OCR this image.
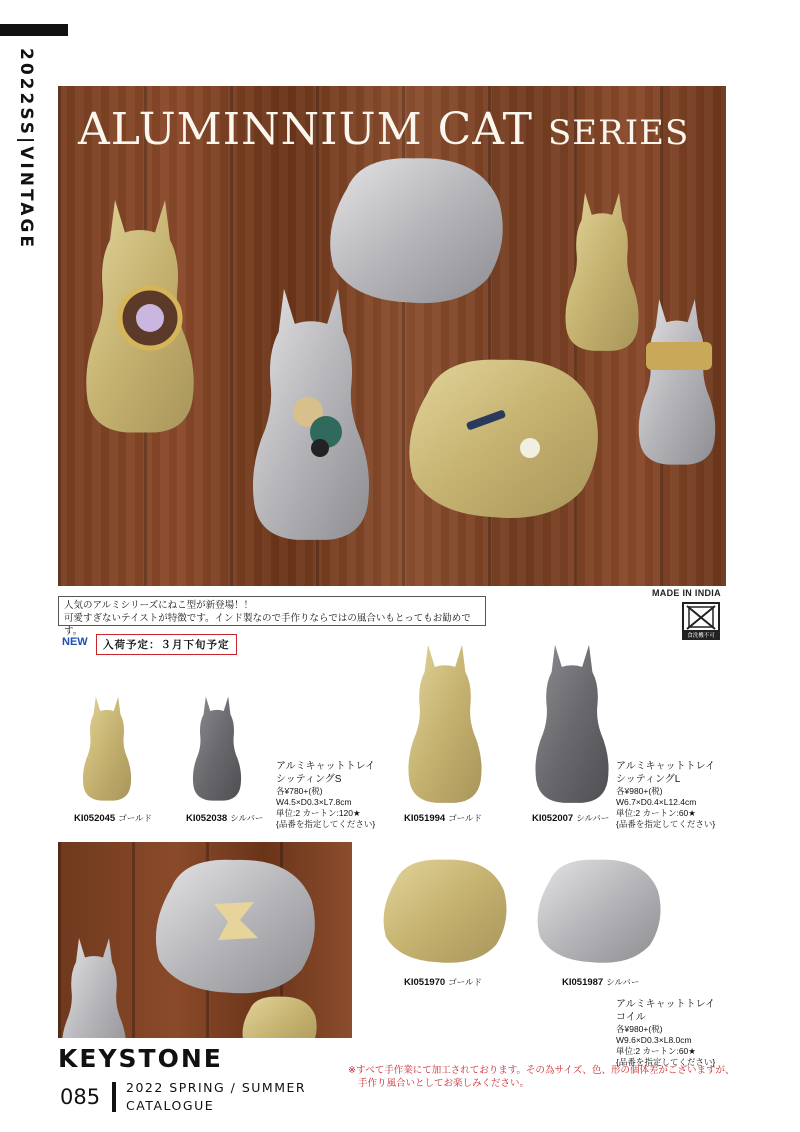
2022SS|VINTAGE ALUMINNIUM CAT SERIES
人気のアルミシリーズにねこ型が新登場！！
可愛すぎないテイストが特徴です。インド製なので手作りならではの風合いもとってもお勧めです。
MADE IN INDIA
食洗機不可
NEW	入荷予定：３月下旬予定
KI052045 ゴールド	KI052038 シルバー	KI051994 ゴールド	KI052007 シルバー
アルミキャットトレイ
シッティングS
各¥780+(税)
W4.5×D0.3×L7.8cm
単位:2 カートン:120★
{品番を指定してください}
アルミキャットトレイ
シッティングL
各¥980+(税)
W6.7×D0.4×L12.4cm
単位:2 カートン:60★
{品番を指定してください}
KI051970 ゴールド	KI051987 シルバー
アルミキャットトレイ
コイル
各¥980+(税)
W9.6×D0.3×L8.0cm
単位:2 カートン:60★
{品番を指定してください}
KEYSTONE
085 2022 SPRING / SUMMER
CATALOGUE
※すべて手作業にて加工されております。その為サイズ、色、形の個体差がございますが、
手作り風合いとしてお楽しみください。
